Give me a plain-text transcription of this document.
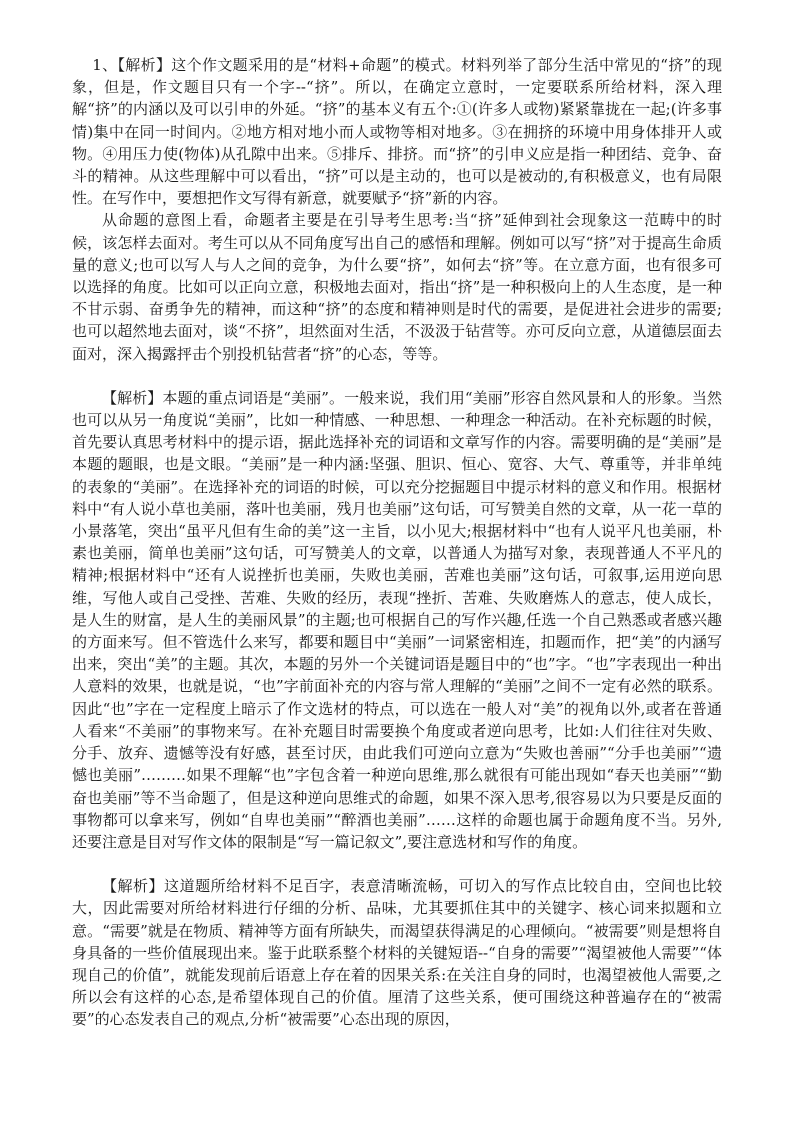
1、【解析】这个作文题采用的是“材料+命题”的模式。材料列举了部分生活中常见的“挤”的现象，但是，作文题目只有一个字--“挤”。所以，在确定立意时，一定要联系所给材料，深入理解“挤”的内涵以及可以引申的外延。“挤”的基本义有五个:①(许多人或物)紧紧靠拢在一起;(许多事情)集中在同一时间内。②地方相对地小而人或物等相对地多。③在拥挤的环境中用身体排开人或物。④用压力使(物体)从孔隙中出来。⑤排斥、排挤。而“挤”的引申义应是指一种团结、竞争、奋斗的精神。从这些理解中可以看出，“挤”可以是主动的，也可以是被动的,有积极意义，也有局限性。在写作中，要想把作文写得有新意，就要赋予“挤”新的内容。

从命题的意图上看，命题者主要是在引导考生思考:当“挤”延伸到社会现象这一范畴中的时候，该怎样去面对。考生可以从不同角度写出自己的感悟和理解。例如可以写“挤”对于提高生命质量的意义;也可以写人与人之间的竞争，为什么要“挤”，如何去“挤”等。在立意方面，也有很多可以选择的角度。比如可以正向立意，积极地去面对，指出“挤”是一种积极向上的人生态度，是一种不甘示弱、奋勇争先的精神，而这种“挤”的态度和精神则是时代的需要，是促进社会进步的需要;也可以超然地去面对，谈“不挤”，坦然面对生活，不汲汲于钻营等。亦可反向立意，从道德层面去面对，深入揭露抨击个别投机钻营者“挤”的心态，等等。

【解析】本题的重点词语是“美丽”。一般来说，我们用“美丽”形容自然风景和人的形象。当然也可以从另一角度说“美丽”，比如一种情感、一种思想、一种理念一种活动。在补充标题的时候，首先要认真思考材料中的提示语，据此选择补充的词语和文章写作的内容。需要明确的是“美丽”是本题的题眼，也是文眼。“美丽”是一种内涵:坚强、胆识、恒心、宽容、大气、尊重等，并非单纯的表象的“美丽”。在选择补充的词语的时候，可以充分挖掘题目中提示材料的意义和作用。根据材料中“有人说小草也美丽，落叶也美丽，残月也美丽”这句话，可写赞美自然的文章，从一花一草的小景落笔，突出“虽平凡但有生命的美”这一主旨，以小见大;根据材料中“也有人说平凡也美丽，朴素也美丽，简单也美丽”这句话，可写赞美人的文章，以普通人为描写对象，表现普通人不平凡的精神;根据材料中“还有人说挫折也美丽，失败也美丽，苦难也美丽”这句话，可叙事,运用逆向思维，写他人或自己受挫、苦难、失败的经历，表现“挫折、苦难、失败磨炼人的意志，使人成长，是人生的财富，是人生的美丽风景”的主题;也可根据自己的写作兴趣,任选一个自己熟悉或者感兴趣的方面来写。但不管选什么来写，都要和题目中“美丽”一词紧密相连，扣题而作，把“美”的内涵写出来，突出“美”的主题。其次，本题的另外一个关键词语是题目中的“也”字。“也”字表现出一种出人意料的效果，也就是说，“也”字前面补充的内容与常人理解的“美丽”之间不一定有必然的联系。因此“也”字在一定程度上暗示了作文选材的特点，可以选在一般人对“美”的视角以外,或者在普通人看来“不美丽”的事物来写。在补充题目时需要换个角度或者逆向思考，比如:人们往往对失败、分手、放弃、遗憾等没有好感，甚至讨厌，由此我们可逆向立意为“失败也善丽”“分手也美丽”“遗憾也美丽”………如果不理解“也”字包含着一种逆向思维,那么就很有可能出现如“春天也美丽”“勤奋也美丽”等不当命题了，但是这种逆向思维式的命题，如果不深入思考,很容易以为只要是反面的事物都可以拿来写，例如“自卑也美丽”“醉酒也美丽”……这样的命题也属于命题角度不当。另外,还要注意是目对写作文体的限制是“写一篇记叙文”,要注意选材和写作的角度。

【解析】这道题所给材料不足百字，表意清晰流畅，可切入的写作点比较自由，空间也比较大，因此需要对所给材料进行仔细的分析、品味，尤其要抓住其中的关键字、核心词来拟题和立意。“需要”就是在物质、精神等方面有所缺失，而渴望获得满足的心理倾向。“被需要”则是想将自身具备的一些价值展现出来。鉴于此联系整个材料的关键短语--“自身的需要”“渴望被他人需要”“体现自己的价值”，就能发现前后语意上存在着的因果关系:在关注自身的同时，也渴望被他人需要,之所以会有这样的心态,是希望体现自己的价值。厘清了这些关系，便可围绕这种普遍存在的“被需要”的心态发表自己的观点,分析“被需要”心态出现的原因，
